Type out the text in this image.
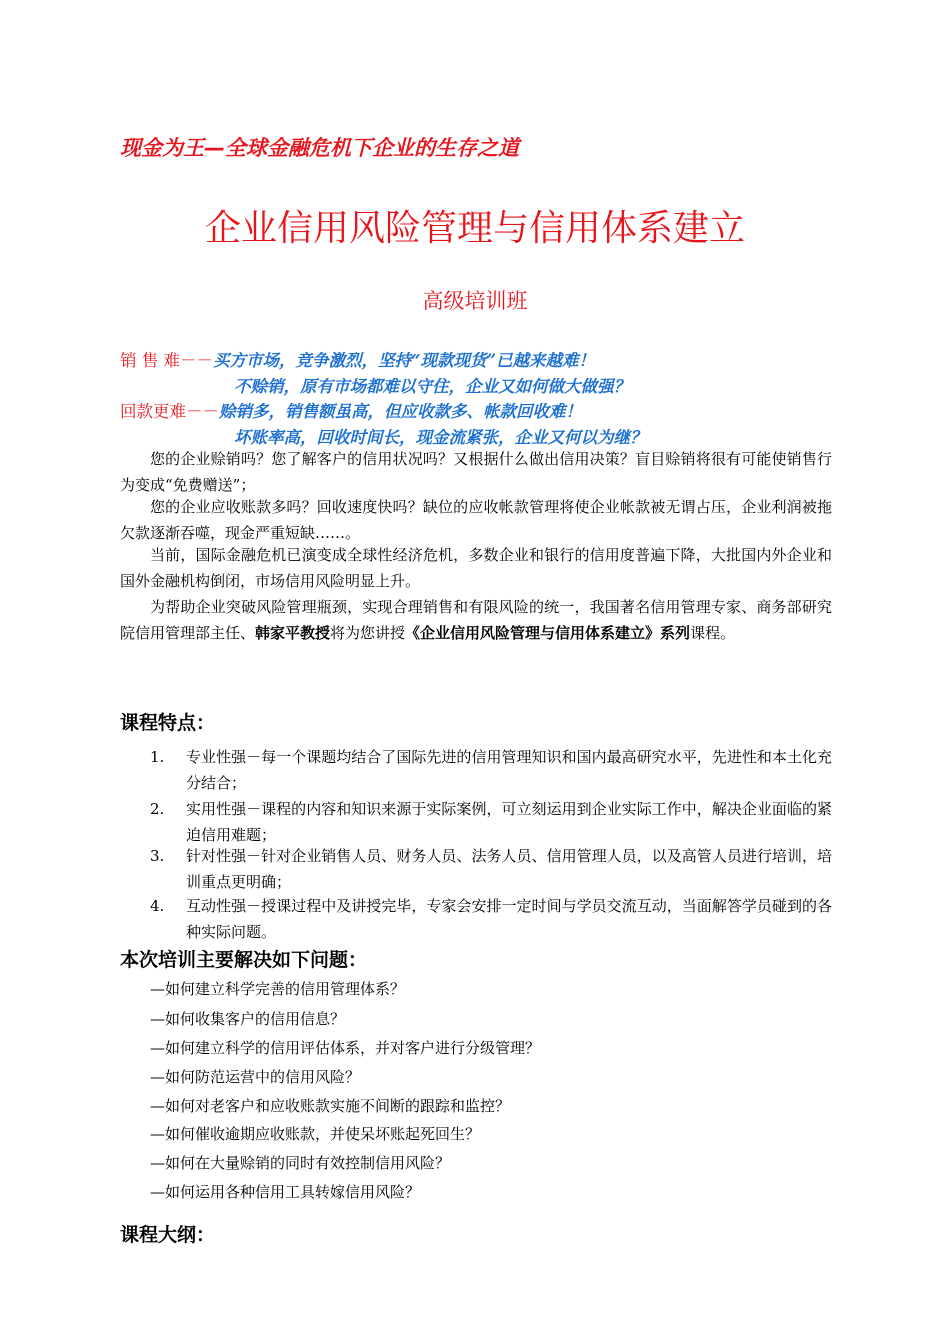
现金为王—全球金融危机下企业的生存之道
企业信用风险管理与信用体系建立
高级培训班
销 售 难－－买方市场，竞争激烈，坚持“现款现货”已越来越难！
不赊销，原有市场都难以守住，企业又如何做大做强？
回款更难－－赊销多，销售额虽高，但应收款多、帐款回收难！
坏账率高，回收时间长，现金流紧张，企业又何以为继？
您的企业赊销吗？您了解客户的信用状况吗？又根据什么做出信用决策？盲目赊销将很有可能使销售行为变成“免费赠送”；
您的企业应收账款多吗？回收速度快吗？缺位的应收帐款管理将使企业帐款被无谓占压，企业利润被拖欠款逐渐吞噬，现金严重短缺……。
当前，国际金融危机已演变成全球性经济危机，多数企业和银行的信用度普遍下降，大批国内外企业和国外金融机构倒闭，市场信用风险明显上升。
为帮助企业突破风险管理瓶颈，实现合理销售和有限风险的统一，我国著名信用管理专家、商务部研究院信用管理部主任、韩家平教授将为您讲授《企业信用风险管理与信用体系建立》系列课程。
课程特点：
1.	专业性强－每一个课题均结合了国际先进的信用管理知识和国内最高研究水平，先进性和本土化充分结合；
2.	实用性强－课程的内容和知识来源于实际案例，可立刻运用到企业实际工作中，解决企业面临的紧迫信用难题；
3.	针对性强－针对企业销售人员、财务人员、法务人员、信用管理人员，以及高管人员进行培训，培训重点更明确；
4.	互动性强－授课过程中及讲授完毕，专家会安排一定时间与学员交流互动，当面解答学员碰到的各种实际问题。
本次培训主要解决如下问题：
—如何建立科学完善的信用管理体系？
—如何收集客户的信用信息？
—如何建立科学的信用评估体系，并对客户进行分级管理？
—如何防范运营中的信用风险？
—如何对老客户和应收账款实施不间断的跟踪和监控？
—如何催收逾期应收账款，并使呆坏账起死回生？
—如何在大量赊销的同时有效控制信用风险？
—如何运用各种信用工具转嫁信用风险？
课程大纲：
